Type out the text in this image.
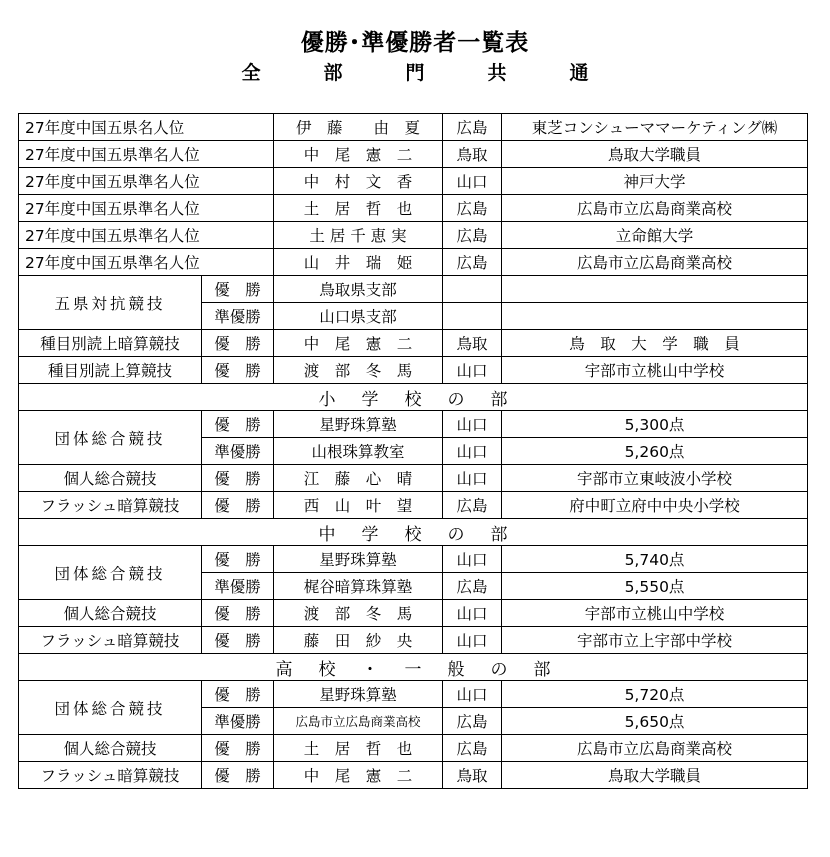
優勝･準優勝者一覧表
全　部　門　共　通
27年度中国五県名人位		伊　藤　　由　夏	広島	東芝コンシューママーケティング㈱
27年度中国五県準名人位		中　尾　憲　二	鳥取	鳥取大学職員
27年度中国五県準名人位		中　村　文　香	山口	神戸大学
27年度中国五県準名人位		土　居　哲　也	広島	広島市立広島商業高校
27年度中国五県準名人位		土 居 千 恵 実	広島	立命館大学
27年度中国五県準名人位		山　井　瑞　姫	広島	広島市立広島商業高校
五県対抗競技	優　勝	鳥取県支部		
	準優勝	山口県支部		
種目別読上暗算競技	優　勝	中　尾　憲　二	鳥取	鳥　取　大　学　職　員
種目別読上算競技	優　勝	渡　部　冬　馬	山口	宇部市立桃山中学校
小学校の部				
団体総合競技	優　勝	星野珠算塾	山口	5,300点
	準優勝	山根珠算教室	山口	5,260点
個人総合競技	優　勝	江　藤　心　晴	山口	宇部市立東岐波小学校
フラッシュ暗算競技	優　勝	西　山　叶　望	広島	府中町立府中中央小学校
中学校の部				
団体総合競技	優　勝	星野珠算塾	山口	5,740点
	準優勝	梶谷暗算珠算塾	広島	5,550点
個人総合競技	優　勝	渡　部　冬　馬	山口	宇部市立桃山中学校
フラッシュ暗算競技	優　勝	藤　田　紗　央	山口	宇部市立上宇部中学校
高校・一般の部				
団体総合競技	優　勝	星野珠算塾	山口	5,720点
	準優勝	広島市立広島商業高校	広島	5,650点
個人総合競技	優　勝	土　居　哲　也	広島	広島市立広島商業高校
フラッシュ暗算競技	優　勝	中　尾　憲　二	鳥取	鳥取大学職員
